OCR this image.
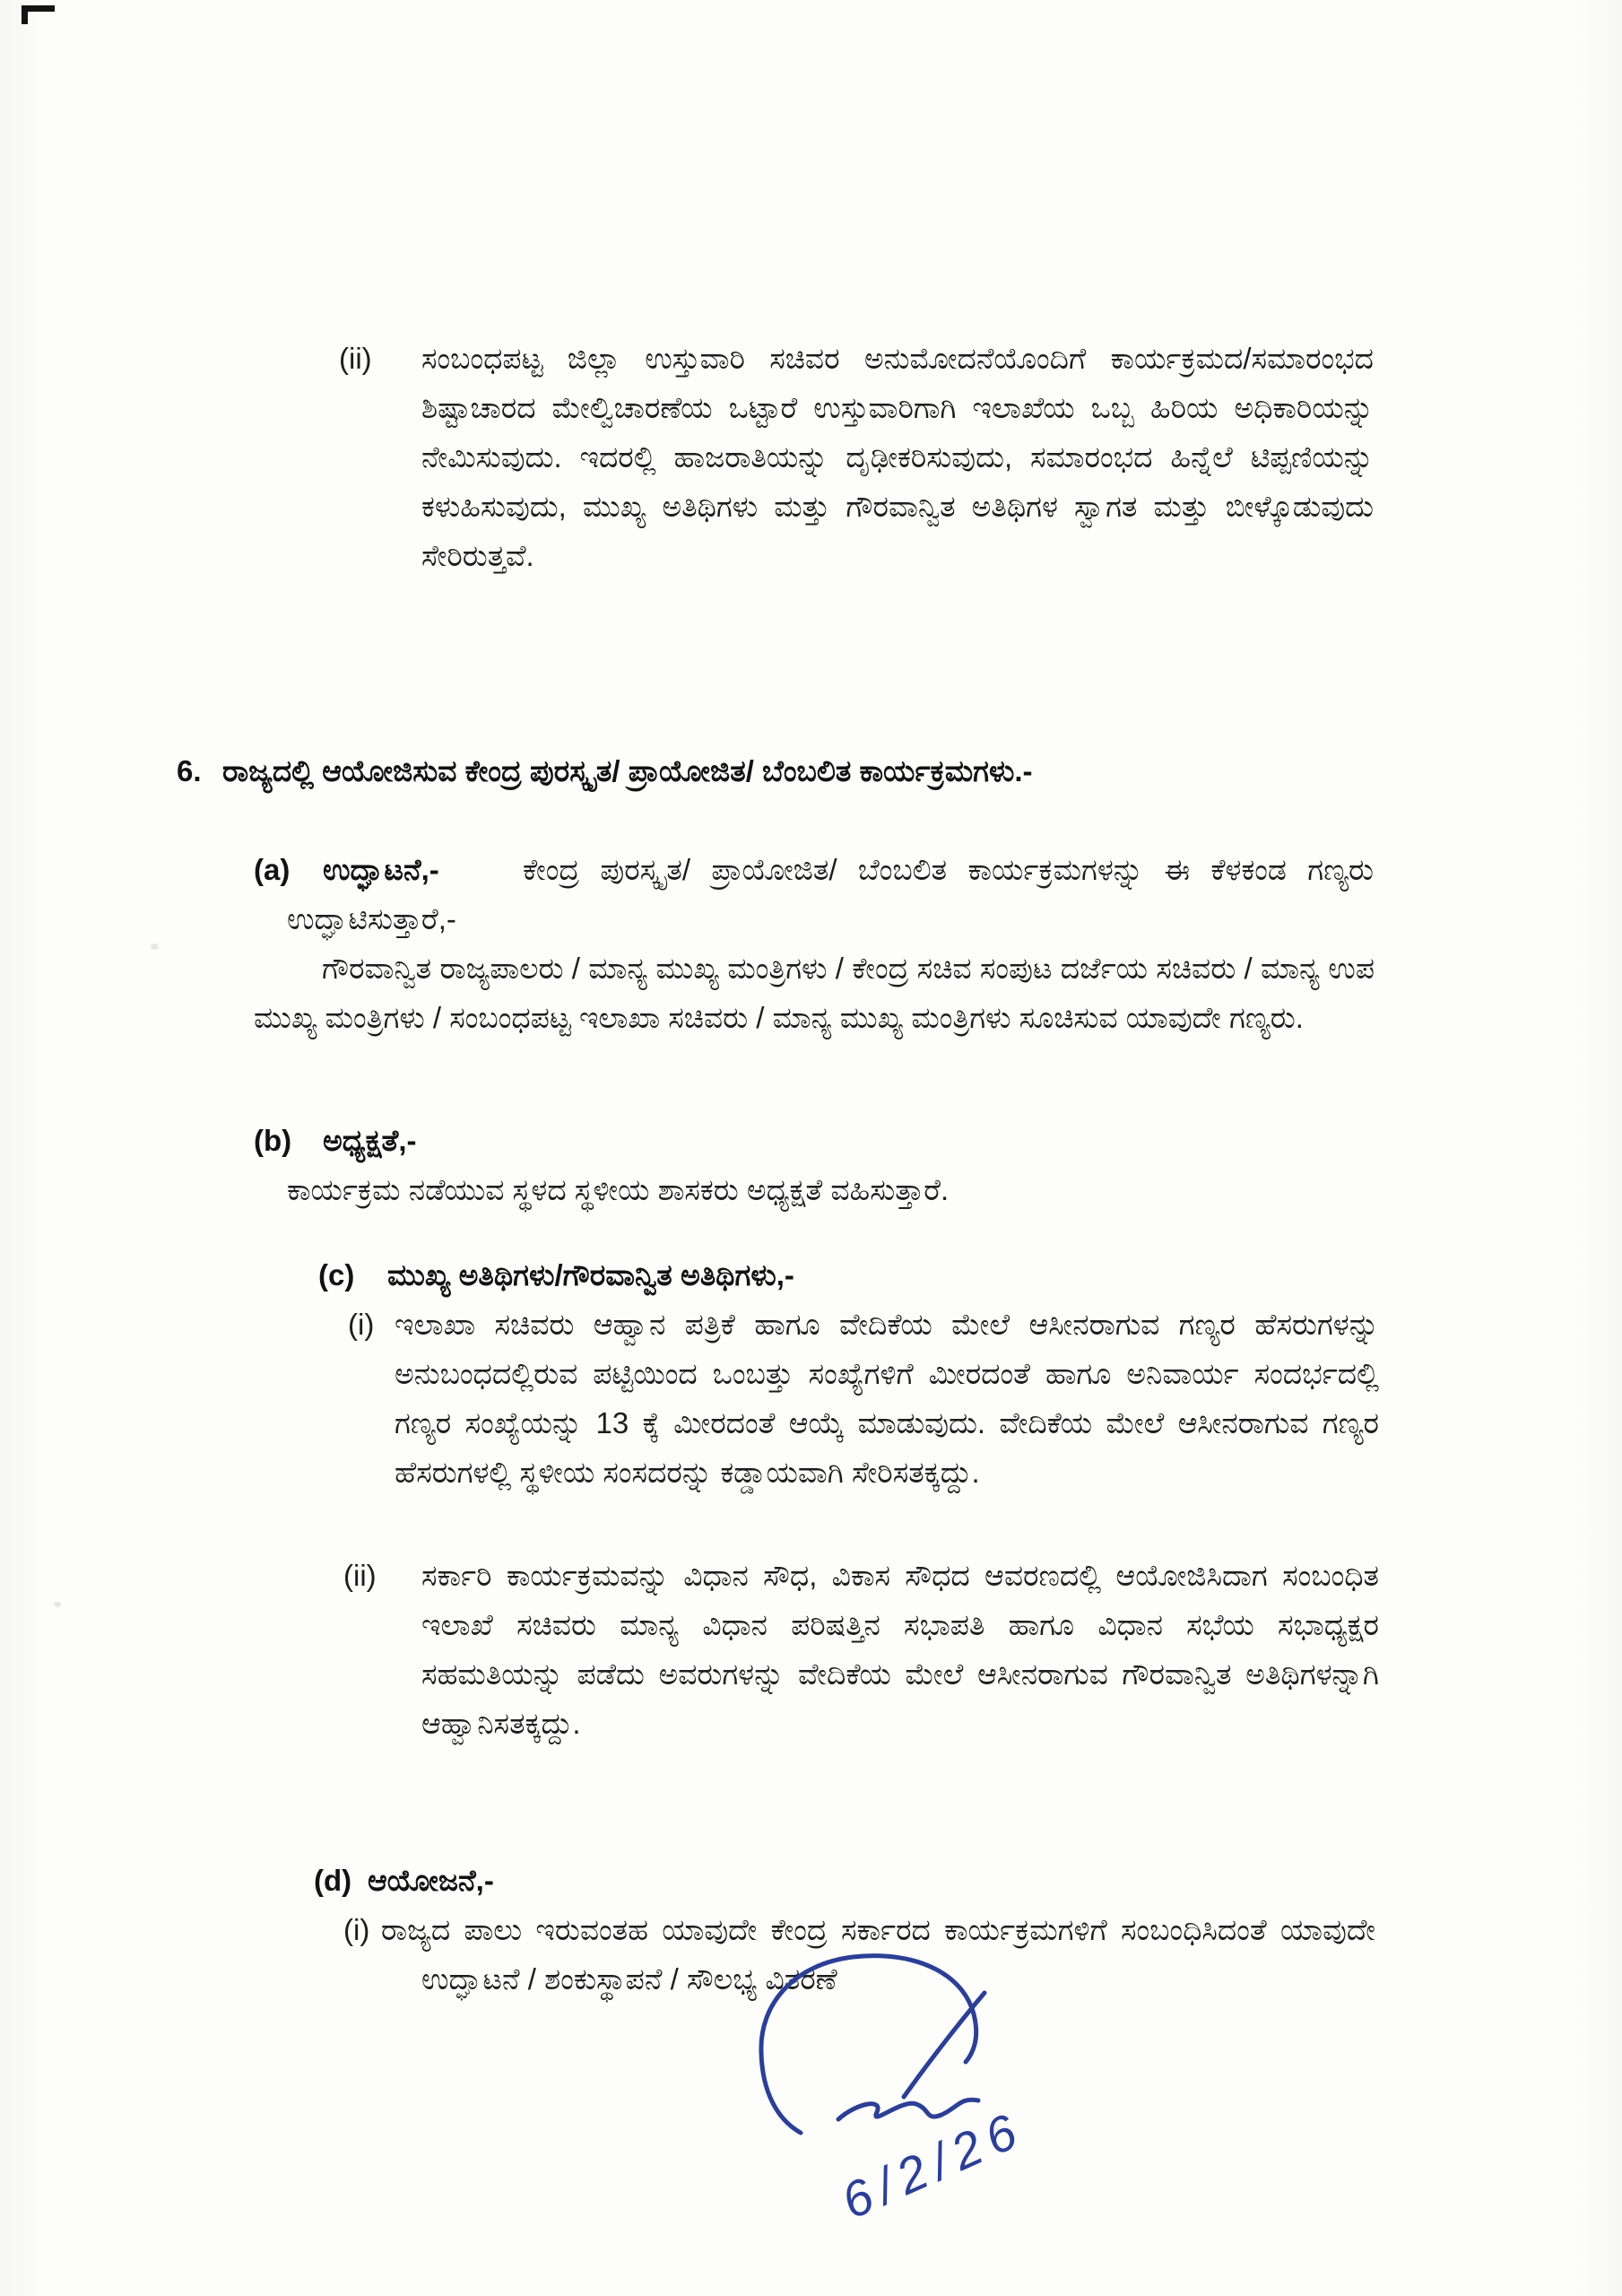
(ii) ಸಂಬಂಧಪಟ್ಟ ಜಿಲ್ಲಾ ಉಸ್ತುವಾರಿ ಸಚಿವರ ಅನುಮೋದನೆಯೊಂದಿಗೆ ಕಾರ್ಯಕ್ರಮದ/ಸಮಾರಂಭದ ಶಿಷ್ಟಾಚಾರದ ಮೇಲ್ವಿಚಾರಣೆಯ ಒಟ್ಟಾರೆ ಉಸ್ತುವಾರಿಗಾಗಿ ಇಲಾಖೆಯ ಒಬ್ಬ ಹಿರಿಯ ಅಧಿಕಾರಿಯನ್ನು ನೇಮಿಸುವುದು. ಇದರಲ್ಲಿ ಹಾಜರಾತಿಯನ್ನು ದೃಢೀಕರಿಸುವುದು, ಸಮಾರಂಭದ ಹಿನ್ನೆಲೆ ಟಿಪ್ಪಣಿಯನ್ನು ಕಳುಹಿಸುವುದು, ಮುಖ್ಯ ಅತಿಥಿಗಳು ಮತ್ತು ಗೌರವಾನ್ವಿತ ಅತಿಥಿಗಳ ಸ್ವಾಗತ ಮತ್ತು ಬೀಳ್ಕೊಡುವುದು ಸೇರಿರುತ್ತವೆ.

6. ರಾಜ್ಯದಲ್ಲಿ ಆಯೋಜಿಸುವ ಕೇಂದ್ರ ಪುರಸ್ಕೃತ/ ಪ್ರಾಯೋಜಿತ/ ಬೆಂಬಲಿತ ಕಾರ್ಯಕ್ರಮಗಳು.-

(a)	ಉದ್ಘಾಟನೆ,-	ಕೇಂದ್ರ ಪುರಸ್ಕೃತ/ ಪ್ರಾಯೋಜಿತ/ ಬೆಂಬಲಿತ ಕಾರ್ಯಕ್ರಮಗಳನ್ನು ಈ ಕೆಳಕಂಡ ಗಣ್ಯರು ಉದ್ಘಾಟಿಸುತ್ತಾರೆ,-

ಗೌರವಾನ್ವಿತ ರಾಜ್ಯಪಾಲರು / ಮಾನ್ಯ ಮುಖ್ಯ ಮಂತ್ರಿಗಳು / ಕೇಂದ್ರ ಸಚಿವ ಸಂಪುಟ ದರ್ಜೆಯ ಸಚಿವರು / ಮಾನ್ಯ ಉಪ ಮುಖ್ಯ ಮಂತ್ರಿಗಳು / ಸಂಬಂಧಪಟ್ಟ ಇಲಾಖಾ ಸಚಿವರು / ಮಾನ್ಯ ಮುಖ್ಯ ಮಂತ್ರಿಗಳು ಸೂಚಿಸುವ ಯಾವುದೇ ಗಣ್ಯರು.

(b) ಅಧ್ಯಕ್ಷತೆ,-

ಕಾರ್ಯಕ್ರಮ ನಡೆಯುವ ಸ್ಥಳದ ಸ್ಥಳೀಯ ಶಾಸಕರು ಅಧ್ಯಕ್ಷತೆ ವಹಿಸುತ್ತಾರೆ.

(c) ಮುಖ್ಯ ಅತಿಥಿಗಳು/ಗೌರವಾನ್ವಿತ ಅತಿಥಿಗಳು,-

(i) ಇಲಾಖಾ ಸಚಿವರು ಆಹ್ವಾನ ಪತ್ರಿಕೆ ಹಾಗೂ ವೇದಿಕೆಯ ಮೇಲೆ ಆಸೀನರಾಗುವ ಗಣ್ಯರ ಹೆಸರುಗಳನ್ನು ಅನುಬಂಧದಲ್ಲಿರುವ ಪಟ್ಟಿಯಿಂದ ಒಂಬತ್ತು ಸಂಖ್ಯೆಗಳಿಗೆ ಮೀರದಂತೆ ಹಾಗೂ ಅನಿವಾರ್ಯ ಸಂದರ್ಭದಲ್ಲಿ ಗಣ್ಯರ ಸಂಖ್ಯೆಯನ್ನು 13 ಕ್ಕೆ ಮೀರದಂತೆ ಆಯ್ಕೆ ಮಾಡುವುದು. ವೇದಿಕೆಯ ಮೇಲೆ ಆಸೀನರಾಗುವ ಗಣ್ಯರ ಹೆಸರುಗಳಲ್ಲಿ ಸ್ಥಳೀಯ ಸಂಸದರನ್ನು ಕಡ್ಡಾಯವಾಗಿ ಸೇರಿಸತಕ್ಕದ್ದು.

(ii) ಸರ್ಕಾರಿ ಕಾರ್ಯಕ್ರಮವನ್ನು ವಿಧಾನ ಸೌಧ, ವಿಕಾಸ ಸೌಧದ ಆವರಣದಲ್ಲಿ ಆಯೋಜಿಸಿದಾಗ ಸಂಬಂಧಿತ ಇಲಾಖೆ ಸಚಿವರು ಮಾನ್ಯ ವಿಧಾನ ಪರಿಷತ್ತಿನ ಸಭಾಪತಿ ಹಾಗೂ ವಿಧಾನ ಸಭೆಯ ಸಭಾಧ್ಯಕ್ಷರ ಸಹಮತಿಯನ್ನು ಪಡೆದು ಅವರುಗಳನ್ನು ವೇದಿಕೆಯ ಮೇಲೆ ಆಸೀನರಾಗುವ ಗೌರವಾನ್ವಿತ ಅತಿಥಿಗಳನ್ನಾಗಿ ಆಹ್ವಾನಿಸತಕ್ಕದ್ದು.

(d) ಆಯೋಜನೆ,-

(i) ರಾಜ್ಯದ ಪಾಲು ಇರುವಂತಹ ಯಾವುದೇ ಕೇಂದ್ರ ಸರ್ಕಾರದ ಕಾರ್ಯಕ್ರಮಗಳಿಗೆ ಸಂಬಂಧಿಸಿದಂತೆ ಯಾವುದೇ ಉದ್ಘಾಟನೆ / ಶಂಕುಸ್ಥಾಪನೆ / ಸೌಲಭ್ಯ ವಿತರಣೆ

6/2/26
